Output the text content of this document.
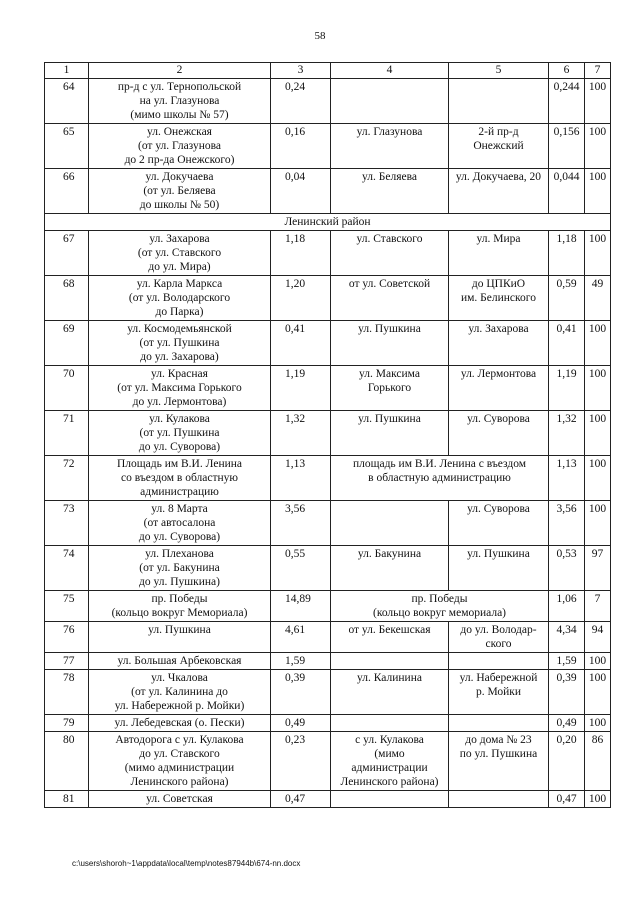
58
1	2	3	4	5	6	7
64	пр-д с ул. Тернопольской
на ул. Глазунова
(мимо школы № 57)	0,24			0,244	100
65	ул. Онежская
(от ул. Глазунова
до 2 пр-да Онежского)	0,16	ул. Глазунова	2-й пр-д
Онежский	0,156	100
66	ул. Докучаева
(от ул. Беляева
до школы № 50)	0,04	ул. Беляева	ул. Докучаева, 20	0,044	100
Ленинский район						
67	ул. Захарова
(от ул. Ставского
до ул. Мира)	1,18	ул. Ставского	ул. Мира	1,18	100
68	ул. Карла Маркса
(от ул. Володарского
до Парка)	1,20	от ул. Советской	до ЦПКиО
им. Белинского	0,59	49
69	ул. Космодемьянской
(от ул. Пушкина
до ул. Захарова)	0,41	ул. Пушкина	ул. Захарова	0,41	100
70	ул. Красная
(от ул. Максима Горького
до ул. Лермонтова)	1,19	ул. Максима
Горького	ул. Лермонтова	1,19	100
71	ул. Кулакова
(от ул. Пушкина
до ул. Суворова)	1,32	ул. Пушкина	ул. Суворова	1,32	100
72	Площадь им В.И. Ленина
со въездом в областную
администрацию	1,13	площадь им В.И. Ленина с въездом
в областную администрацию		1,13	100
73	ул. 8 Марта
(от автосалона
до ул. Суворова)	3,56		ул. Суворова	3,56	100
74	ул. Плеханова
(от ул. Бакунина
до ул. Пушкина)	0,55	ул. Бакунина	ул. Пушкина	0,53	97
75	пр. Победы
(кольцо вокруг Мемориала)	14,89	пр. Победы
(кольцо вокруг мемориала)		1,06	7
76	ул. Пушкина	4,61	от ул. Бекешская	до ул. Володар-
ского	4,34	94
77	ул. Большая Арбековская	1,59			1,59	100
78	ул. Чкалова
(от ул. Калинина до
ул. Набережной р. Мойки)	0,39	ул. Калинина	ул. Набережной
р. Мойки	0,39	100
79	ул. Лебедевская (о. Пески)	0,49			0,49	100
80	Автодорога с ул. Кулакова
до ул. Ставского
(мимо администрации
Ленинского района)	0,23	с ул. Кулакова
(мимо
администрации
Ленинского района)	до дома № 23
по ул. Пушкина	0,20	86
81	ул. Советская	0,47			0,47	100
c:\users\shoroh~1\appdata\local\temp\notes87944b\674-nn.docx
